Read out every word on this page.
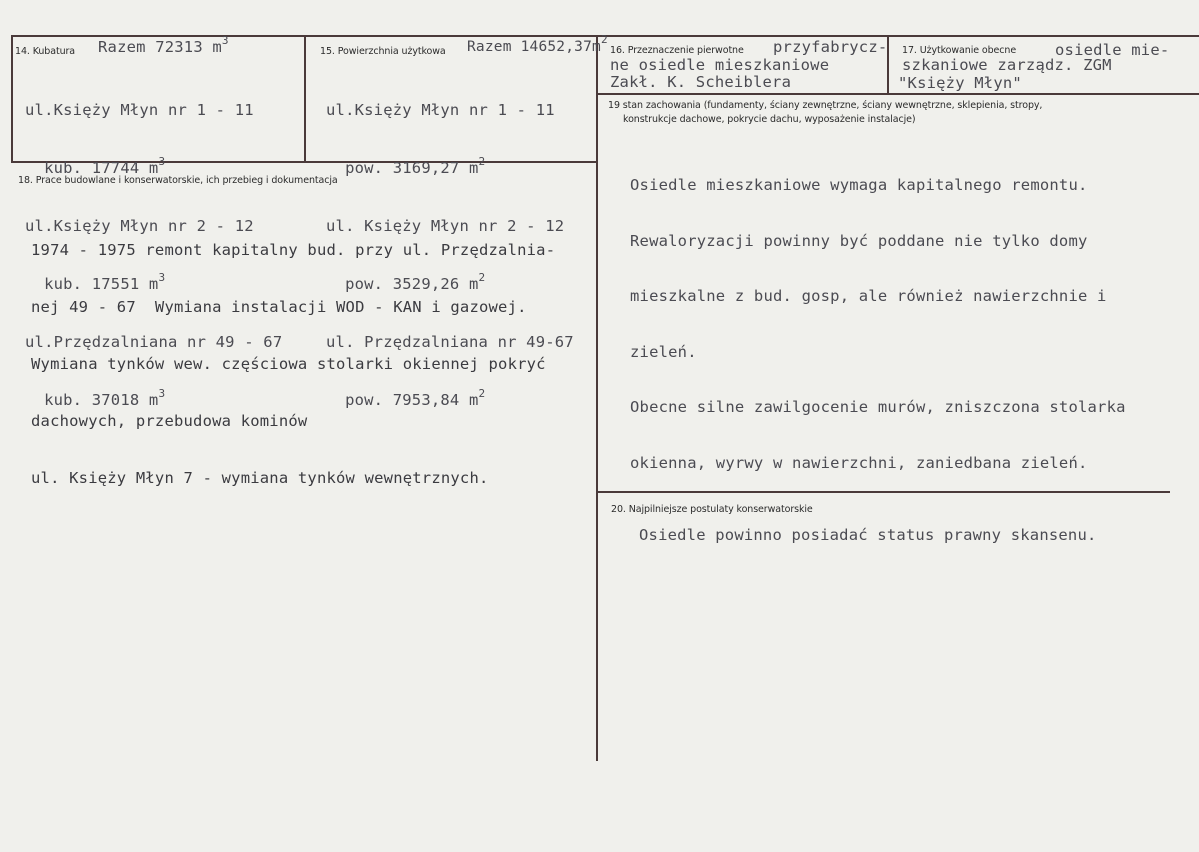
14. Kubatura Razem 72313 $m^3$

ul.Księży Młyn nr 1 - 11

kub. 17744 $m^3$

ul.Księży Młyn nr 2 - 12

kub. 17551 $m^3$

ul.Przędzalniana nr 49 - 67

kub. 37018 $m^3$

15. Powierzchnia użytkowa Razem $14652,37m^2$

ul.Księży Młyn nr 1 - 11

pow. 3169,27 $m^2$

ul. Księży Młyn nr 2 - 12

pow. 3529,26 $m^2$

ul. Przędzalniana nr 49-67

pow. 7953,84 $m^2$

16. Przeznaczenie pierwotne przyfabrycz-
ne osiedle mieszkaniowe
Zakł. K. Scheiblera
17. Użytkowanie obecne	osiedle mie-
szkaniowe zarządz. ZGM
"Księży Młyn"
18. Prace budowlane i konserwatorskie, ich przebieg i dokumentacja

1974 - 1975 remont kapitalny bud. przy ul. Przędzalnia-

nej 49 - 67  Wymiana instalacji WOD - KAN i gazowej.

Wymiana tynków wew. częściowa stolarki okiennej pokryć

dachowych, przebudowa kominów

ul. Księży Młyn 7 - wymiana tynków wewnętrznych.

19 stan zachowania (fundamenty, ściany zewnętrzne, ściany wewnętrzne, sklepienia, stropy,
konstrukcje dachowe, pokrycie dachu, wyposażenie instalacje)

Osiedle mieszkaniowe wymaga kapitalnego remontu.

Rewaloryzacji powinny być poddane nie tylko domy

mieszkalne z bud. gosp, ale również nawierzchnie i

zieleń.

Obecne silne zawilgocenie murów, zniszczona stolarka

okienna, wyrwy w nawierzchni, zaniedbana zieleń.

20. Najpilniejsze postulaty konserwatorskie
Osiedle powinno posiadać status prawny skansenu.
